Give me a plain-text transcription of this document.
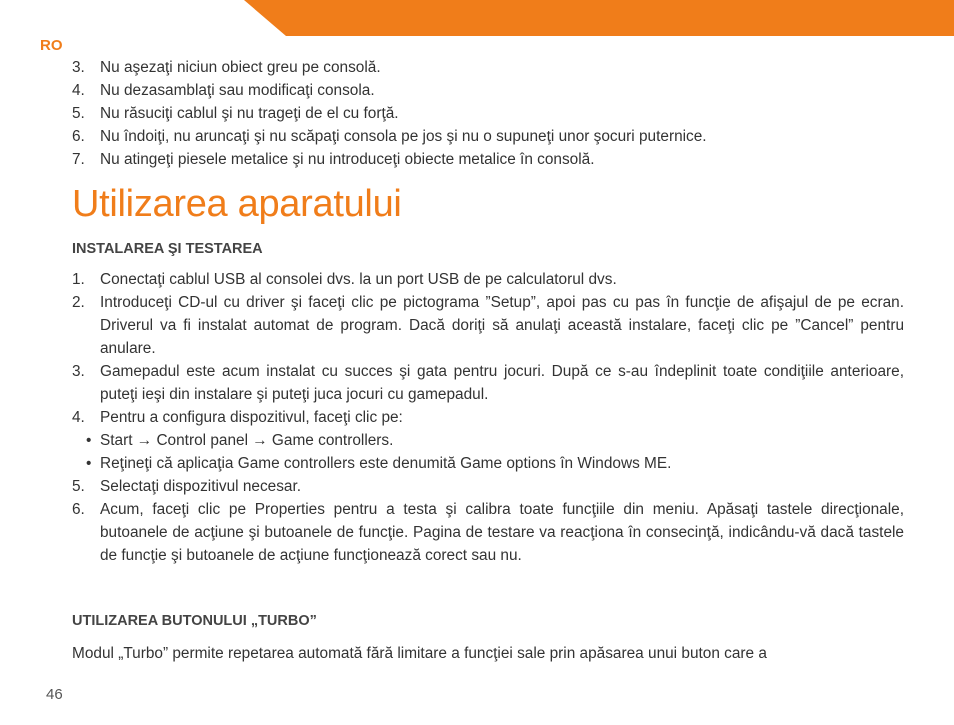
RO
3. Nu aşezaţi niciun obiect greu pe consolă.
4. Nu dezasamblaţi sau modificaţi consola.
5. Nu răsuciţi cablul şi nu trageţi de el cu forţă.
6. Nu îndoiţi, nu aruncaţi şi nu scăpaţi consola pe jos şi nu o supuneţi unor şocuri puternice.
7. Nu atingeţi piesele metalice şi nu introduceţi obiecte metalice în consolă.
Utilizarea aparatului
INSTALAREA ŞI TESTAREA
1. Conectaţi cablul USB al consolei dvs. la un port USB de pe calculatorul dvs.
2. Introduceţi CD-ul cu driver şi faceţi clic pe pictograma ”Setup”, apoi pas cu pas în funcţie de afişajul de pe ecran. Driverul va fi instalat automat de program. Dacă doriţi să anulaţi această instalare, faceţi clic pe ”Cancel” pentru anulare.
3. Gamepadul este acum instalat cu succes şi gata pentru jocuri. După ce s-au îndeplinit toate condiţiile anterioare, puteţi ieşi din instalare şi puteţi juca jocuri cu gamepadul.
4. Pentru a configura dispozitivul, faceţi clic pe:
• Start → Control panel → Game controllers.
• Reţineţi că aplicaţia Game controllers este denumită Game options în Windows ME.
5. Selectaţi dispozitivul necesar.
6. Acum, faceţi clic pe Properties pentru a testa şi calibra toate funcţiile din meniu. Apăsaţi tastele direcţionale, butoanele de acţiune şi butoanele de funcţie. Pagina de testare va reacţiona în consecinţă, indicându-vă dacă tastele de funcţie şi butoanele de acţiune funcţionează corect sau nu.
UTILIZAREA BUTONULUI „TURBO”

Modul „Turbo” permite repetarea automată fără limitare a funcţiei sale prin apăsarea unui buton care a

46
